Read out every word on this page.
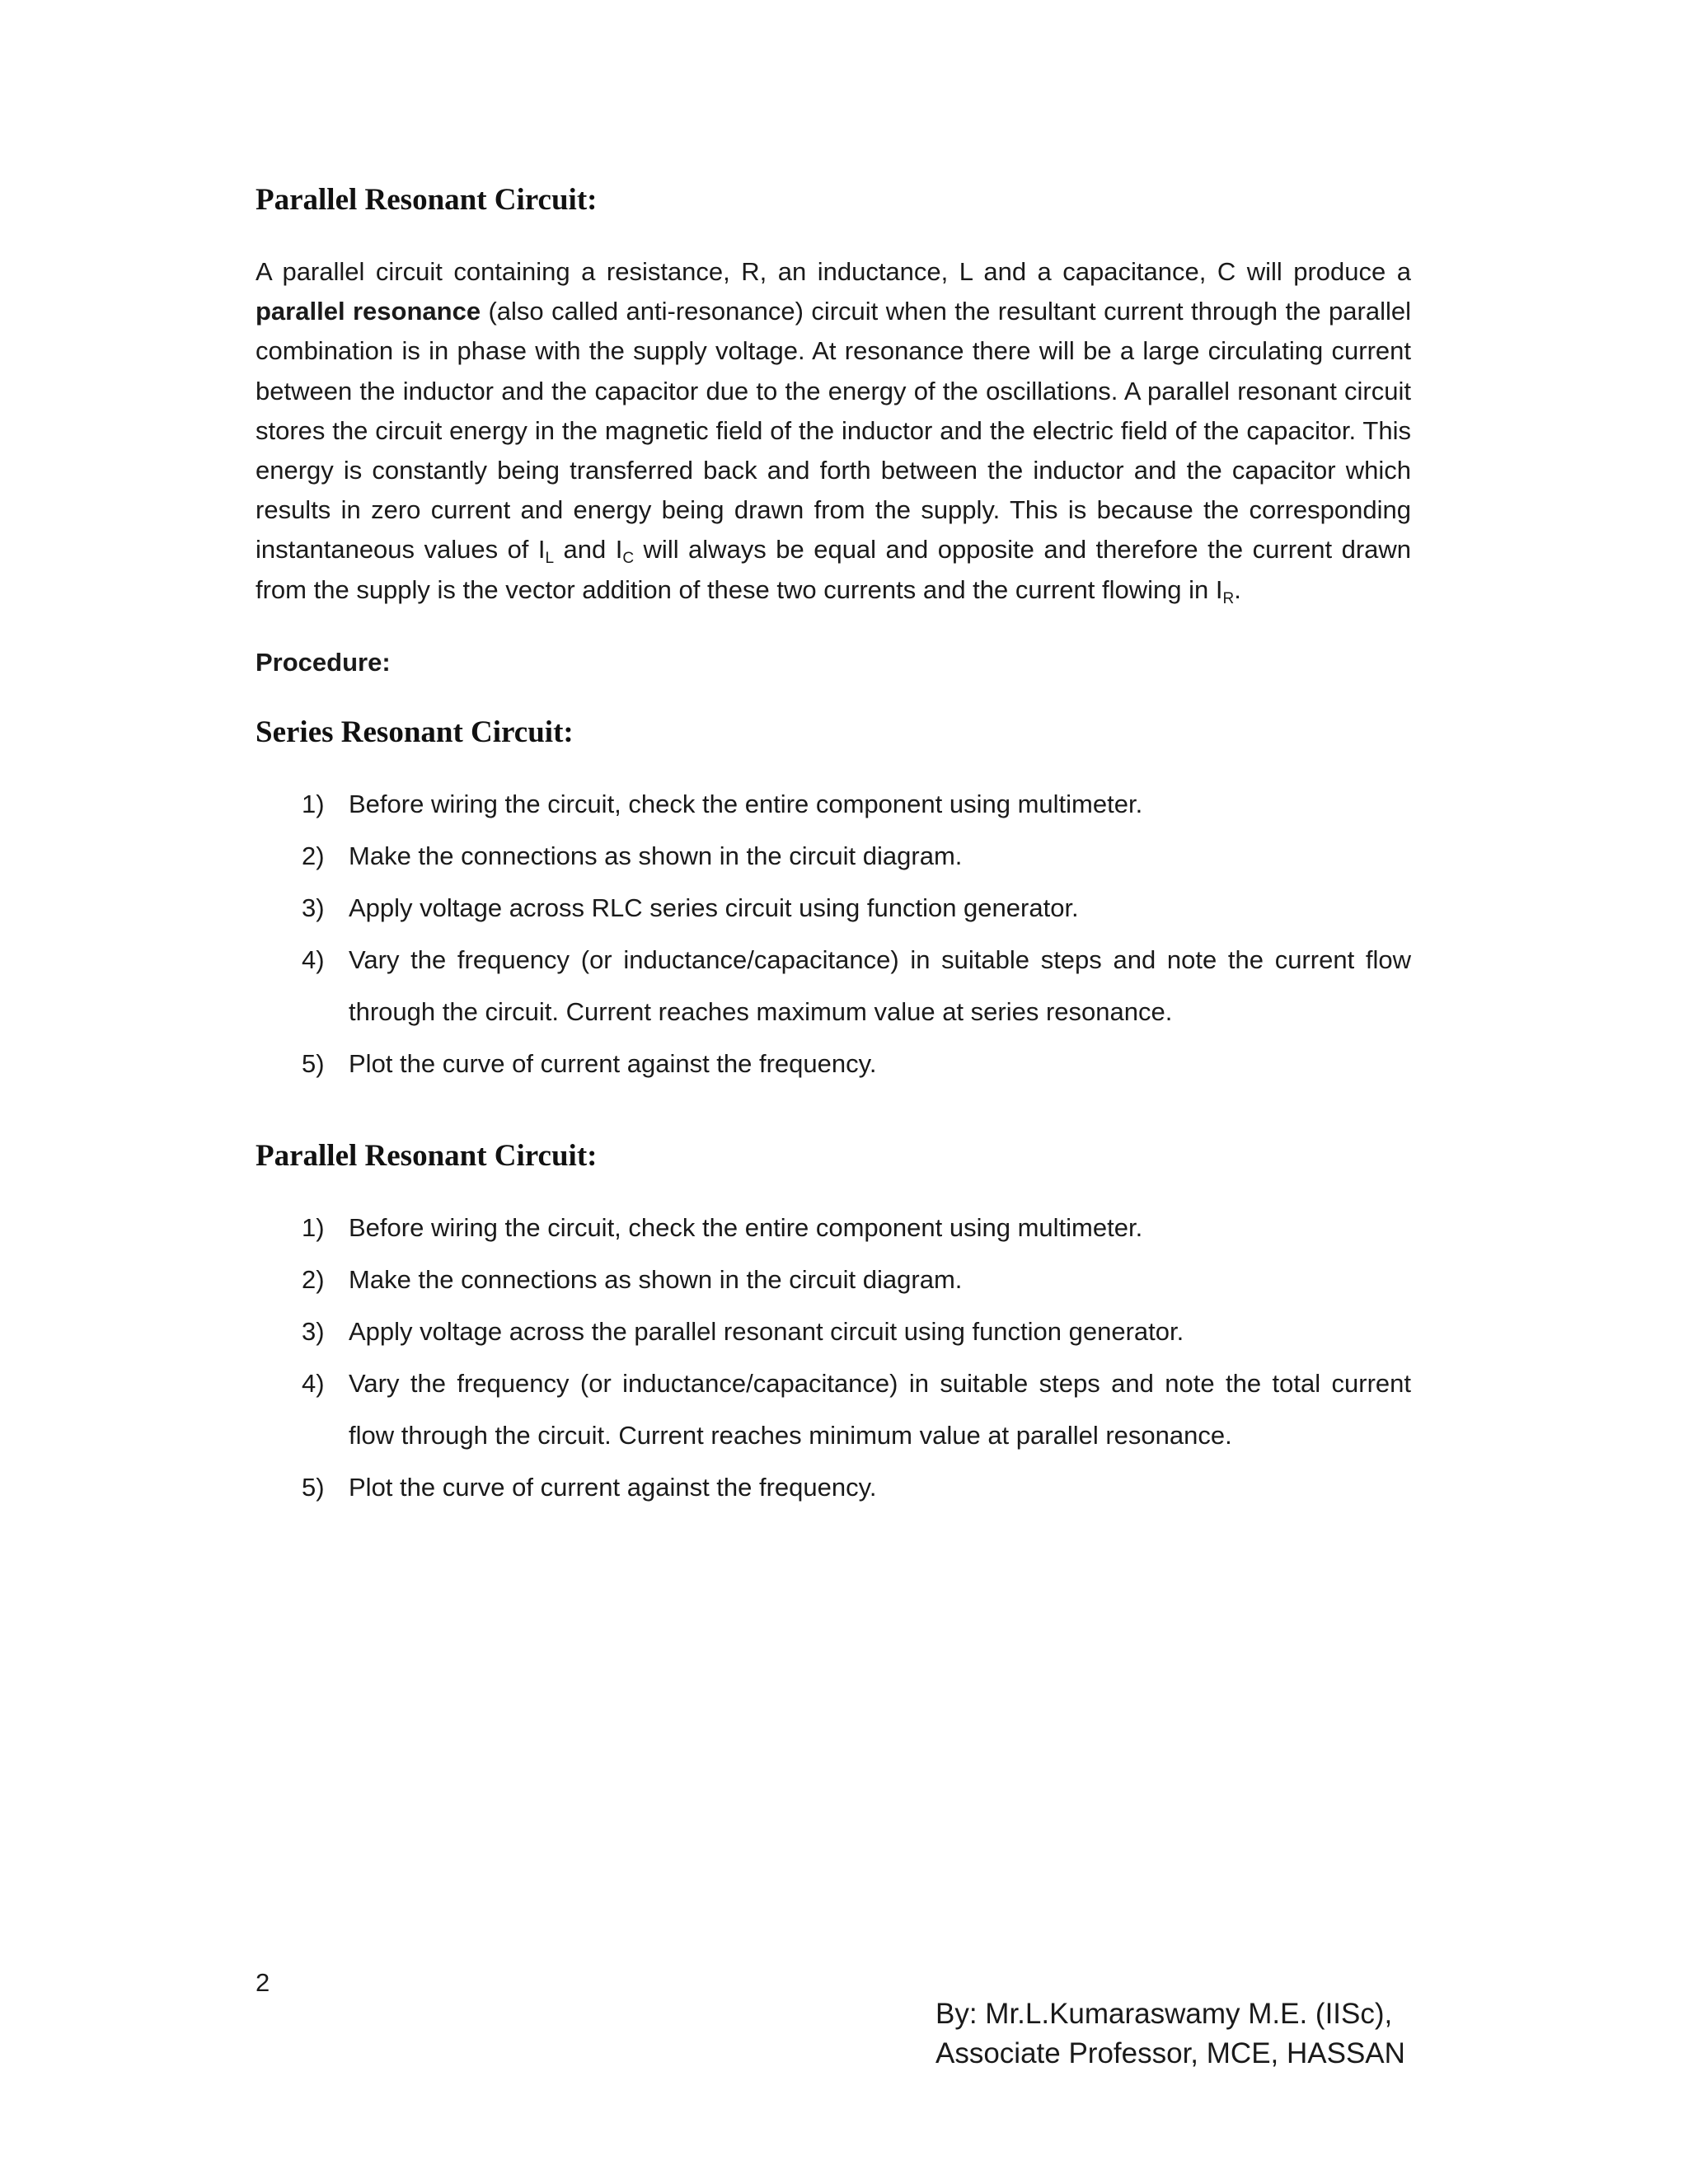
Parallel Resonant Circuit:

A parallel circuit containing a resistance, R, an inductance, L and a capacitance, C will produce a parallel resonance (also called anti-resonance) circuit when the resultant current through the parallel combination is in phase with the supply voltage. At resonance there will be a large circulating current between the inductor and the capacitor due to the energy of the oscillations. A parallel resonant circuit stores the circuit energy in the magnetic field of the inductor and the electric field of the capacitor. This energy is constantly being transferred back and forth between the inductor and the capacitor which results in zero current and energy being drawn from the supply. This is because the corresponding instantaneous values of $I_L$ and $I_C$ will always be equal and opposite and therefore the current drawn from the supply is the vector addition of these two currents and the current flowing in $I_R$.

Procedure:
Series Resonant Circuit:
1) Before wiring the circuit, check the entire component using multimeter.
2) Make the connections as shown in the circuit diagram.
3) Apply voltage across RLC series circuit using function generator.
4) Vary the frequency (or inductance/capacitance) in suitable steps and note the current flow through the circuit. Current reaches maximum value at series resonance.
5) Plot the curve of current against the frequency.
Parallel Resonant Circuit:
1) Before wiring the circuit, check the entire component using multimeter.
2) Make the connections as shown in the circuit diagram.
3) Apply voltage across the parallel resonant circuit using function generator.
4) Vary the frequency (or inductance/capacitance) in suitable steps and note the total current flow through the circuit. Current reaches minimum value at parallel resonance.
5) Plot the curve of current against the frequency.
2
By: Mr.L.Kumaraswamy M.E. (IISc),
Associate Professor, MCE, HASSAN
